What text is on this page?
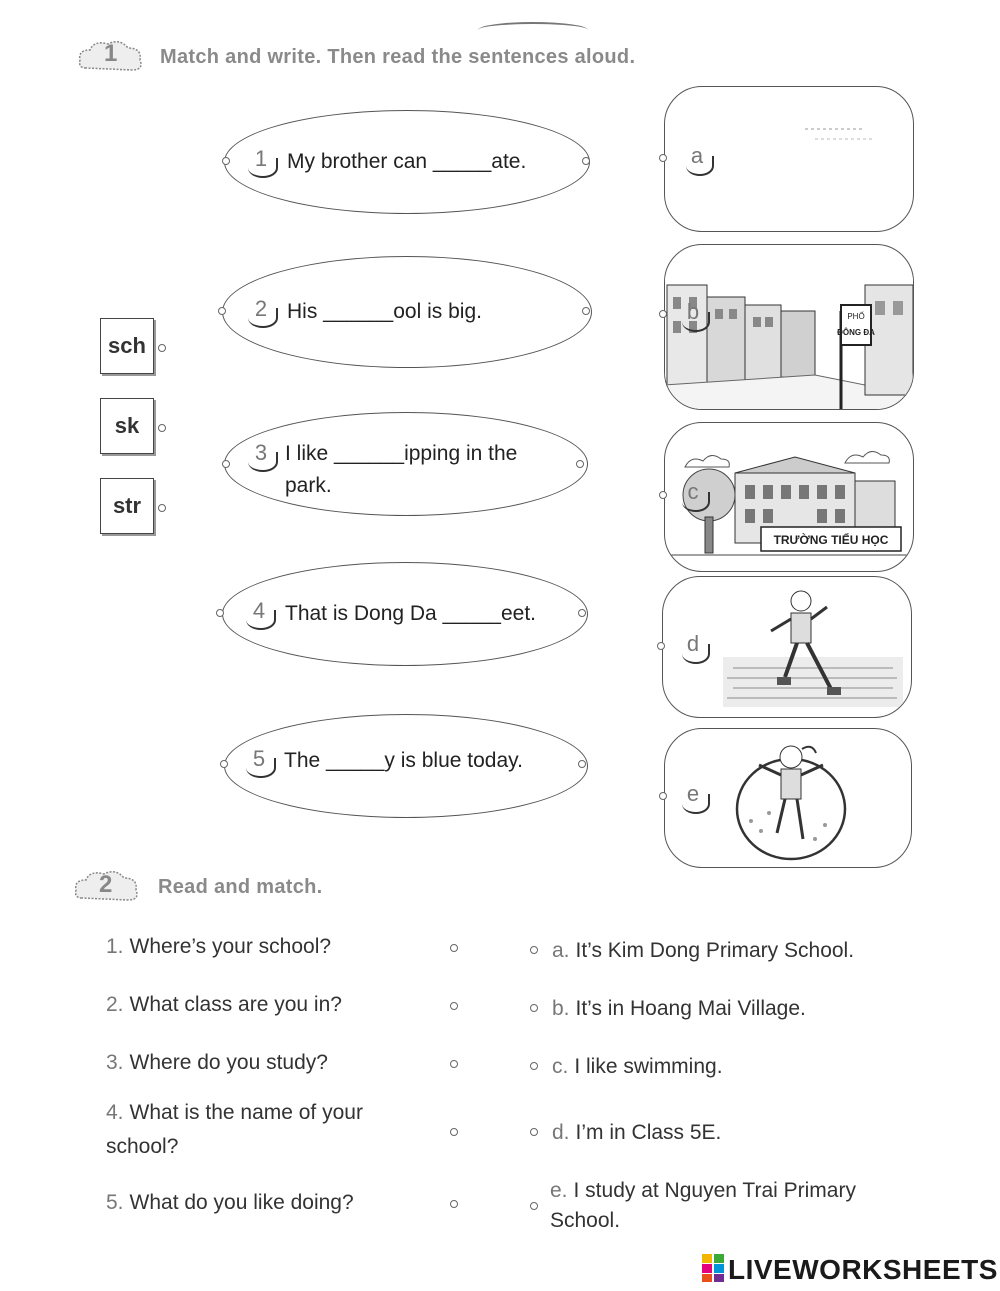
1 Match and write. Then read the sentences aloud.
sch
sk
str
1 My brother can _____ate.
2 His ______ool is big.
3 I like ______ipping in the park.
4 That is Dong Da _____eet.
5 The _____y is blue today.
a
PHỐ
ĐÔNG ĐA
b
TRƯỜNG TIỂU HỌC
c
d
e
2 Read and match.
1. Where’s your school?
2. What class are you in?
3. Where do you study?
4. What is the name of your school?
5. What do you like doing?
a. It’s Kim Dong Primary School.
b. It’s in Hoang Mai Village.
c. I like swimming.
d. I’m in Class 5E.
e. I study at Nguyen Trai Primary School.
LIVEWORKSHEETS
